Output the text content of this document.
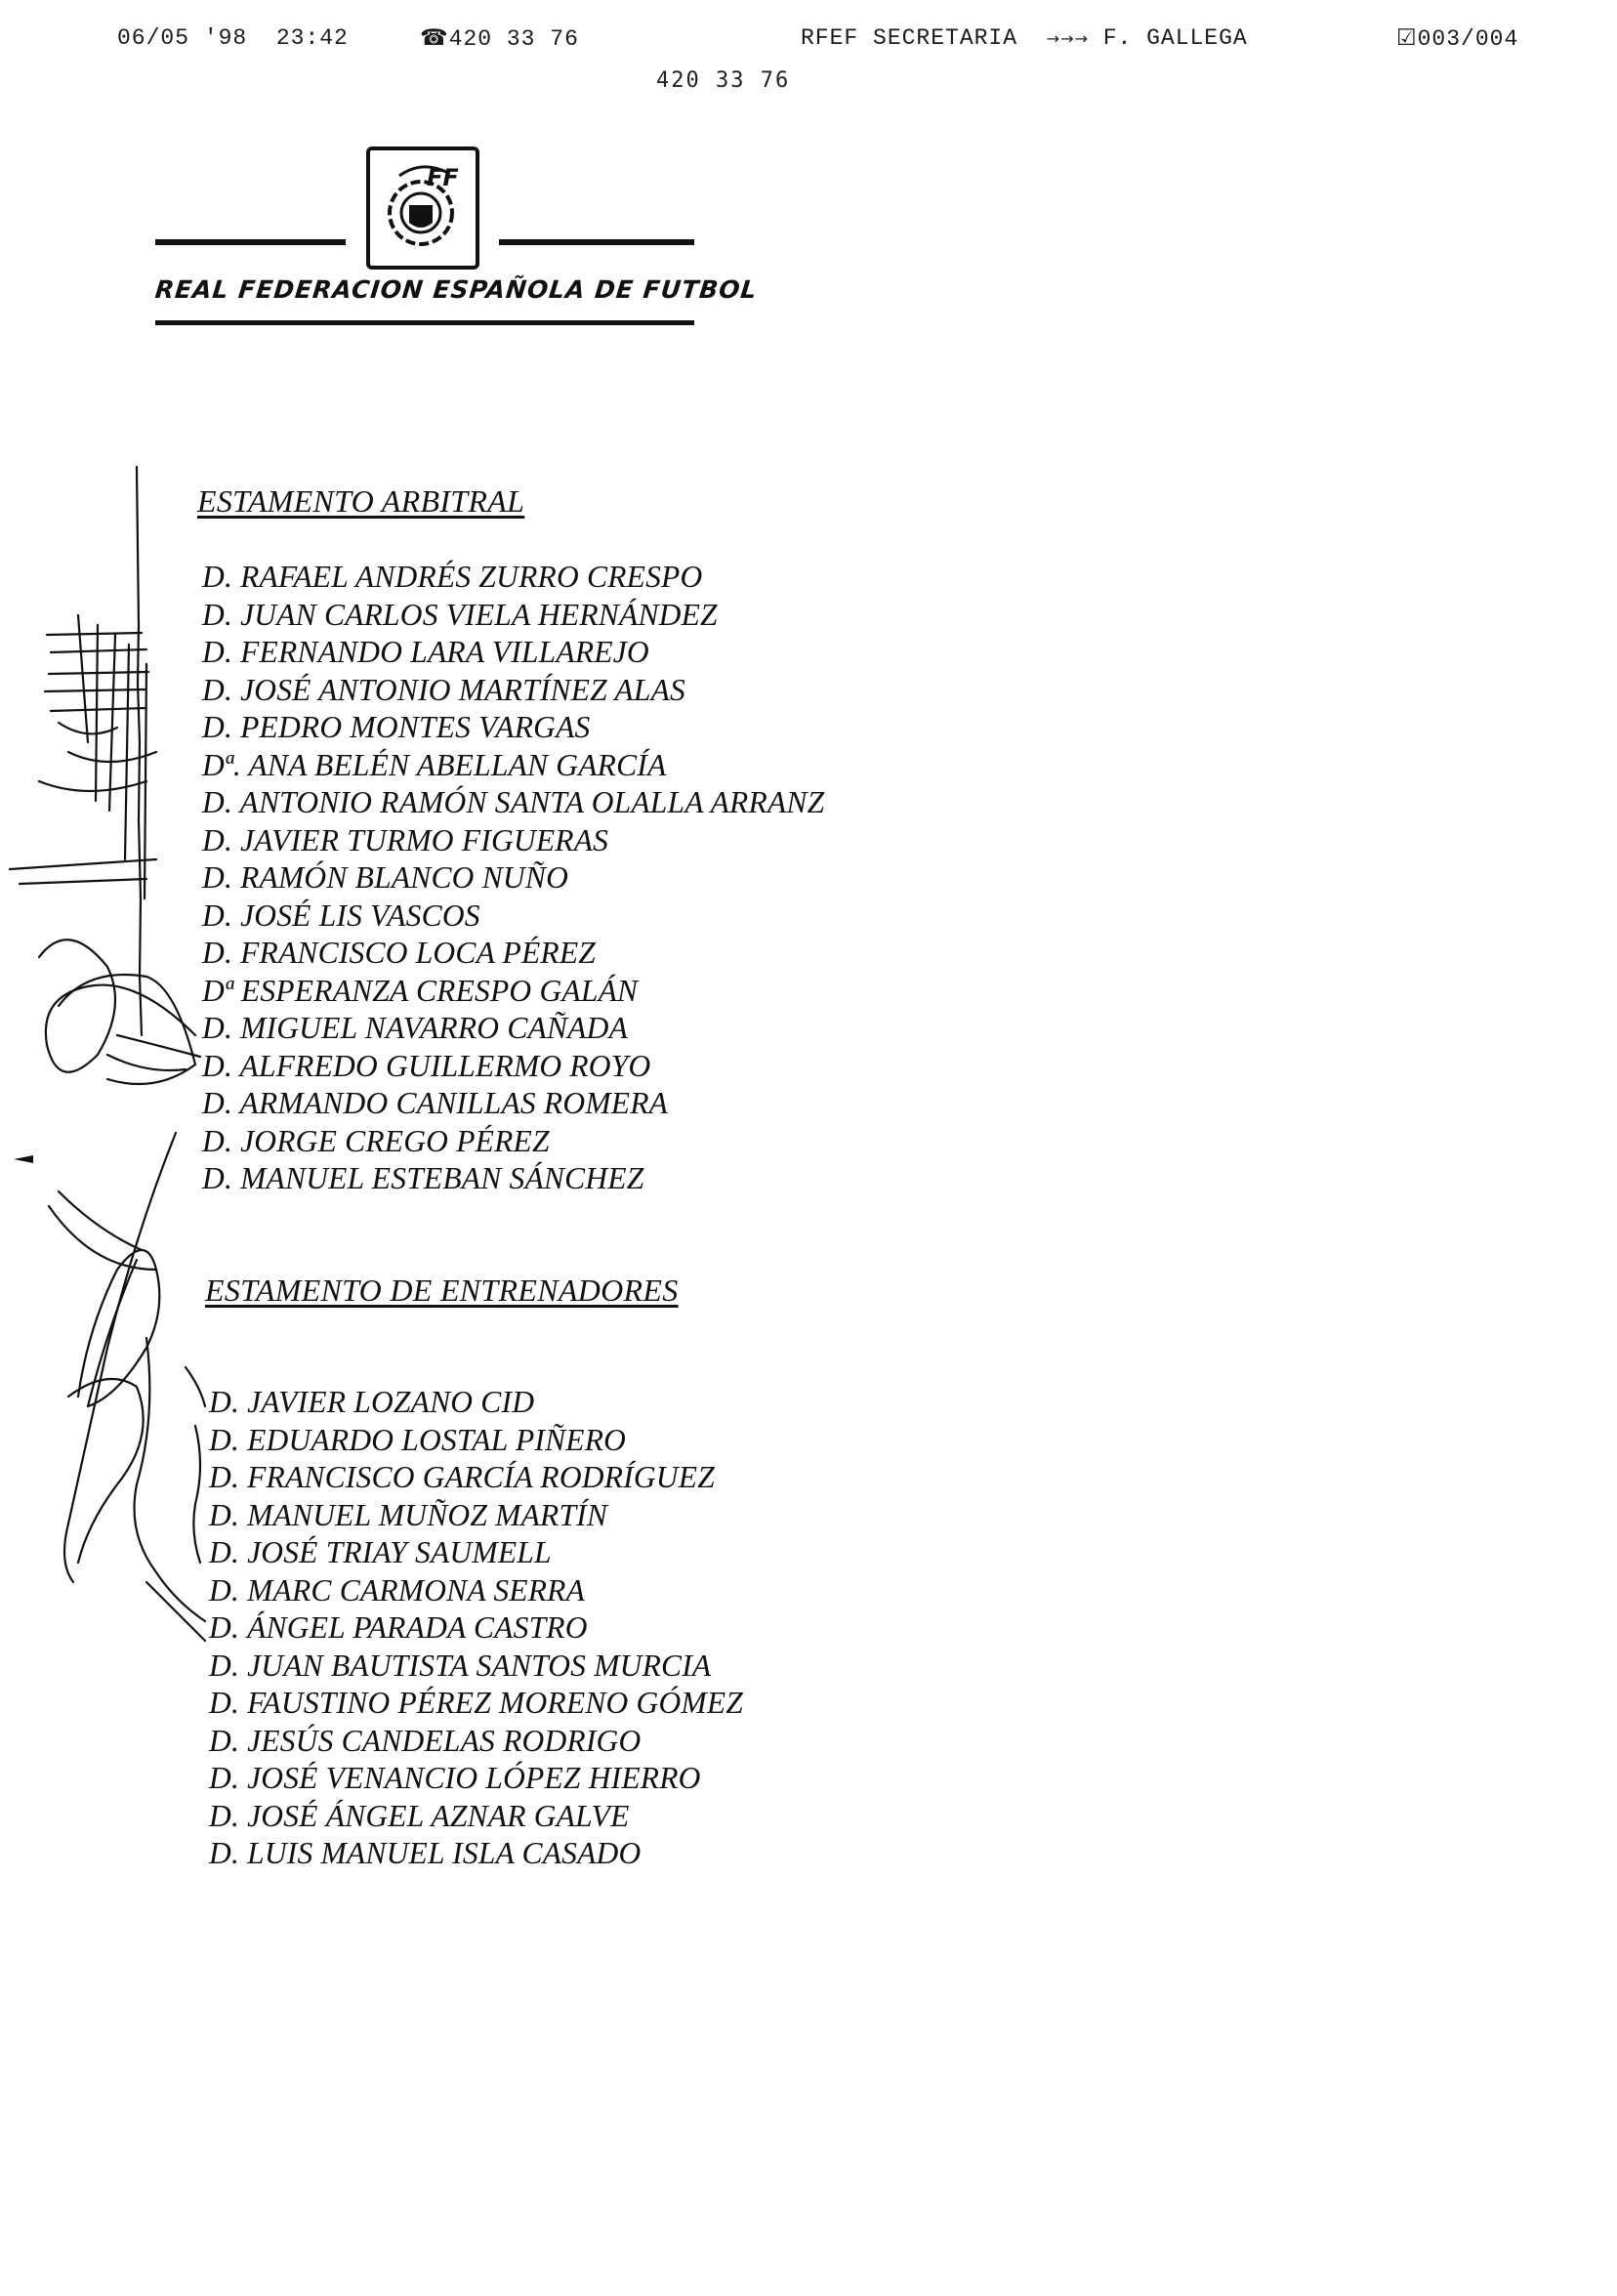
06/05 '98 23:42	☎420 33 76	RFEF SECRETARIA →→→ F. GALLEGA	☑003/004
420 33 76
FF
REAL FEDERACION ESPAÑOLA DE FUTBOL
ESTAMENTO ARBITRAL
D. RAFAEL ANDRÉS ZURRO CRESPO
D. JUAN CARLOS VIELA HERNÁNDEZ
D. FERNANDO LARA VILLAREJO
D. JOSÉ ANTONIO MARTÍNEZ ALAS
D. PEDRO MONTES VARGAS
Dª. ANA BELÉN ABELLAN GARCÍA
D. ANTONIO RAMÓN SANTA OLALLA ARRANZ
D. JAVIER TURMO FIGUERAS
D. RAMÓN BLANCO NUÑO
D. JOSÉ LIS VASCOS
D. FRANCISCO LOCA PÉREZ
Dª ESPERANZA CRESPO GALÁN
D. MIGUEL NAVARRO CAÑADA
D. ALFREDO GUILLERMO ROYO
D. ARMANDO CANILLAS ROMERA
D. JORGE CREGO PÉREZ
D. MANUEL ESTEBAN SÁNCHEZ
ESTAMENTO DE ENTRENADORES
D. JAVIER LOZANO CID
D. EDUARDO LOSTAL PIÑERO
D. FRANCISCO GARCÍA RODRÍGUEZ
D. MANUEL MUÑOZ MARTÍN
D. JOSÉ TRIAY SAUMELL
D. MARC CARMONA SERRA
D. ÁNGEL PARADA CASTRO
D. JUAN BAUTISTA SANTOS MURCIA
D. FAUSTINO PÉREZ MORENO GÓMEZ
D. JESÚS CANDELAS RODRIGO
D. JOSÉ VENANCIO LÓPEZ HIERRO
D. JOSÉ ÁNGEL AZNAR GALVE
D. LUIS MANUEL ISLA CASADO
